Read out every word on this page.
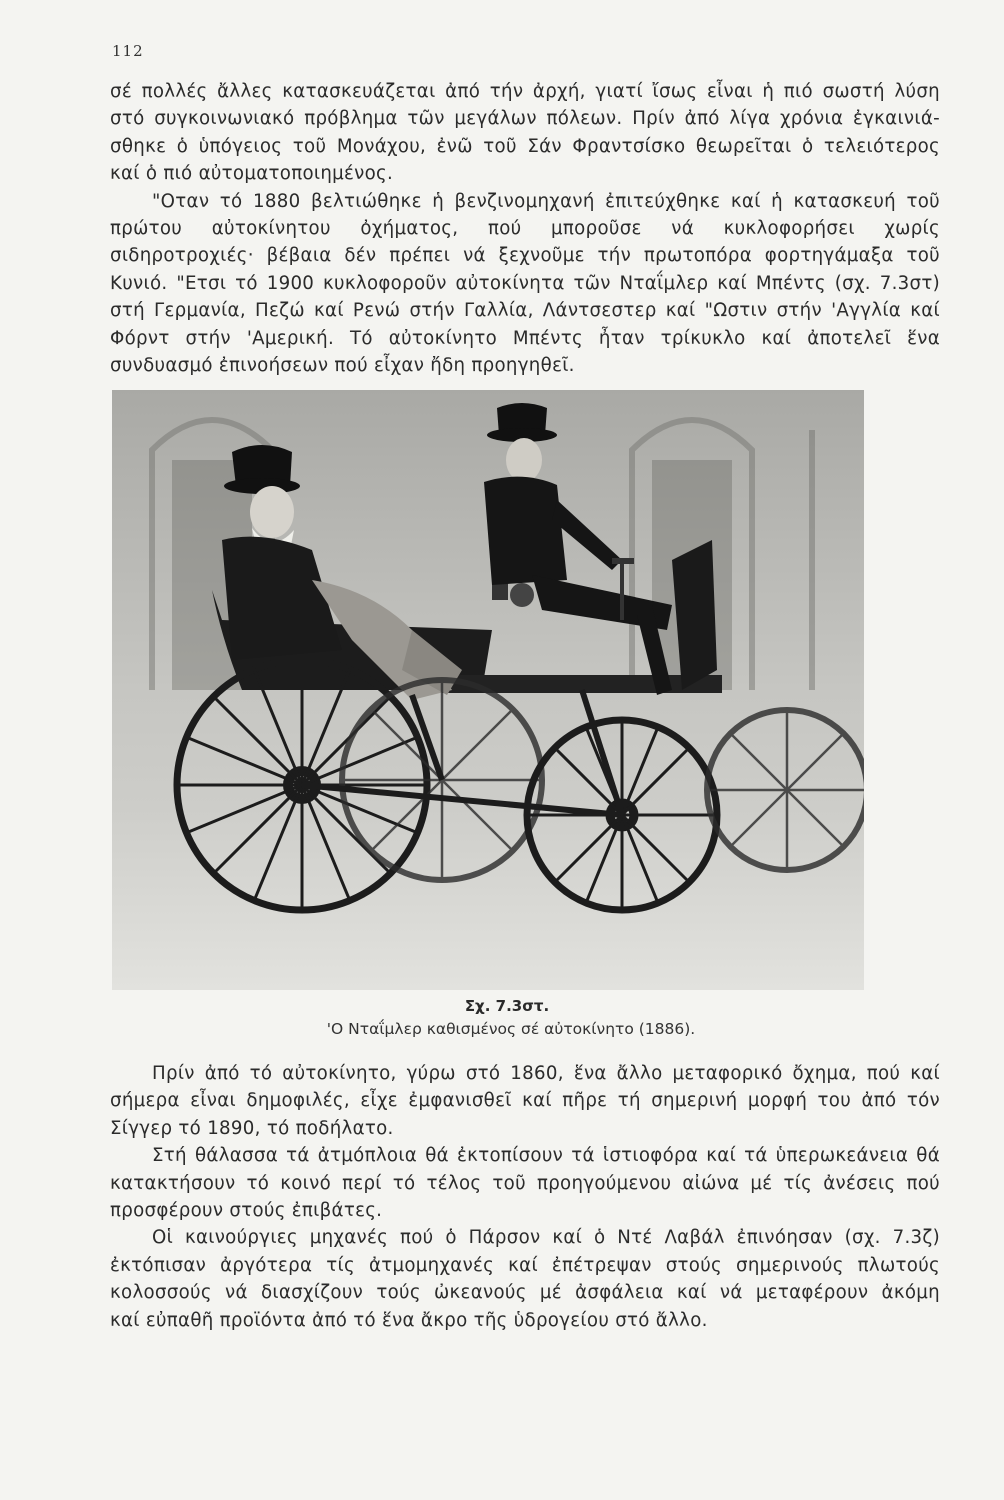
112
σέ πολλές ἄλλες κατασκευάζεται ἀπό τήν ἀρχή, γιατί ἴσως εἶναι ἡ πιό σωστή λύση
στό συγκοινωνιακό πρόβλημα τῶν μεγάλων πόλεων. Πρίν ἀπό λίγα χρόνια ἐγκαινιά-
σθηκε ὁ ὑπόγειος τοῦ Μονάχου, ἐνῶ τοῦ Σάν Φραντσίσκο θεωρεῖται ὁ τελειότερος
καί ὁ πιό αὐτοματοποιημένος.
"Οταν τό 1880 βελτιώθηκε ἡ βενζινομηχανή ἐπιτεύχθηκε καί ἡ κατασκευή τοῦ
πρώτου αὐτοκίνητου ὀχήματος, πού μποροῦσε νά κυκλοφορήσει χωρίς
σιδηροτροχιές· βέβαια δέν πρέπει νά ξεχνοῦμε τήν πρωτοπόρα φορτηγάμαξα τοῦ
Κυνιό. "Ετσι τό 1900 κυκλοφοροῦν αὐτοκίνητα τῶν Νταΐμλερ καί Μπέντς (σχ. 7.3στ)
στή Γερμανία, Πεζώ καί Ρενώ στήν Γαλλία, Λάντσεστερ καί "Ωστιν στήν 'Αγγλία καί
Φόρντ στήν 'Αμερική. Τό αὐτοκίνητο Μπέντς ἦταν τρίκυκλο καί ἀποτελεῖ ἕνα
συνδυασμό ἐπινοήσεων πού εἶχαν ἤδη προηγηθεῖ.
Σχ. 7.3στ.
'Ο Νταΐμλερ καθισμένος σέ αὐτοκίνητο (1886).
Πρίν ἀπό τό αὐτοκίνητο, γύρω στό 1860, ἕνα ἄλλο μεταφορικό ὄχημα, πού καί
σήμερα εἶναι δημοφιλές, εἶχε ἐμφανισθεῖ καί πῆρε τή σημερινή μορφή του ἀπό τόν
Σίγγερ τό 1890, τό ποδήλατο.
Στή θάλασσα τά ἀτμόπλοια θά ἐκτοπίσουν τά ἱστιοφόρα καί τά ὑπερωκεάνεια θά
κατακτήσουν τό κοινό περί τό τέλος τοῦ προηγούμενου αἰώνα μέ τίς ἀνέσεις πού
προσφέρουν στούς ἐπιβάτες.
Οἱ καινούργιες μηχανές πού ὁ Πάρσον καί ὁ Ντέ Λαβάλ ἐπινόησαν (σχ. 7.3ζ)
ἐκτόπισαν ἀργότερα τίς ἀτμομηχανές καί ἐπέτρεψαν στούς σημερινούς πλωτούς
κολοσσούς νά διασχίζουν τούς ὠκεανούς μέ ἀσφάλεια καί νά μεταφέρουν ἀκόμη
καί εὐπαθῆ προϊόντα ἀπό τό ἕνα ἄκρο τῆς ὑδρογείου στό ἄλλο.
